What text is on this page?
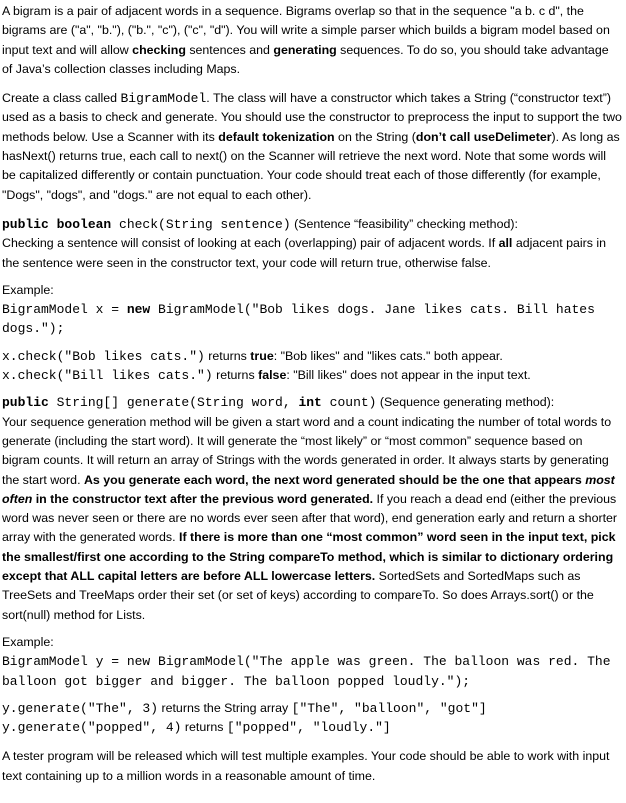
A bigram is a pair of adjacent words in a sequence. Bigrams overlap so that in the sequence "a b. c d", the bigrams are ("a", "b."), ("b.", "c"), ("c", "d"). You will write a simple parser which builds a bigram model based on input text and will allow checking sentences and generating sequences. To do so, you should take advantage of Java’s collection classes including Maps.

Create a class called BigramModel. The class will have a constructor which takes a String (“constructor text”) used as a basis to check and generate. You should use the constructor to preprocess the input to support the two methods below. Use a Scanner with its default tokenization on the String (don’t call useDelimeter). As long as hasNext() returns true, each call to next() on the Scanner will retrieve the next word. Note that some words will be capitalized differently or contain punctuation. Your code should treat each of those differently (for example, "Dogs", "dogs", and "dogs." are not equal to each other).

public boolean check(String sentence) (Sentence “feasibility” checking method):

Checking a sentence will consist of looking at each (overlapping) pair of adjacent words. If all adjacent pairs in the sentence were seen in the constructor text, your code will return true, otherwise false.

Example:

BigramModel x = new BigramModel("Bob likes dogs. Jane likes cats. Bill hates dogs.");

x.check("Bob likes cats.") returns true: "Bob likes" and "likes cats." both appear.

x.check("Bill likes cats.") returns false: "Bill likes" does not appear in the input text.

public String[] generate(String word, int count) (Sequence generating method):

Your sequence generation method will be given a start word and a count indicating the number of total words to generate (including the start word). It will generate the “most likely” or “most common” sequence based on bigram counts. It will return an array of Strings with the words generated in order. It always starts by generating the start word. As you generate each word, the next word generated should be the one that appears most often in the constructor text after the previous word generated. If you reach a dead end (either the previous word was never seen or there are no words ever seen after that word), end generation early and return a shorter array with the generated words. If there is more than one “most common” word seen in the input text, pick the smallest/first one according to the String compareTo method, which is similar to dictionary ordering except that ALL capital letters are before ALL lowercase letters. SortedSets and SortedMaps such as TreeSets and TreeMaps order their set (or set of keys) according to compareTo. So does Arrays.sort() or the sort(null) method for Lists.

Example:

BigramModel y = new BigramModel("The apple was green. The balloon was red. The balloon got bigger and bigger. The balloon popped loudly.");

y.generate("The", 3) returns the String array ["The", "balloon", "got"]

y.generate("popped", 4) returns ["popped", "loudly."]

A tester program will be released which will test multiple examples. Your code should be able to work with input text containing up to a million words in a reasonable amount of time.
